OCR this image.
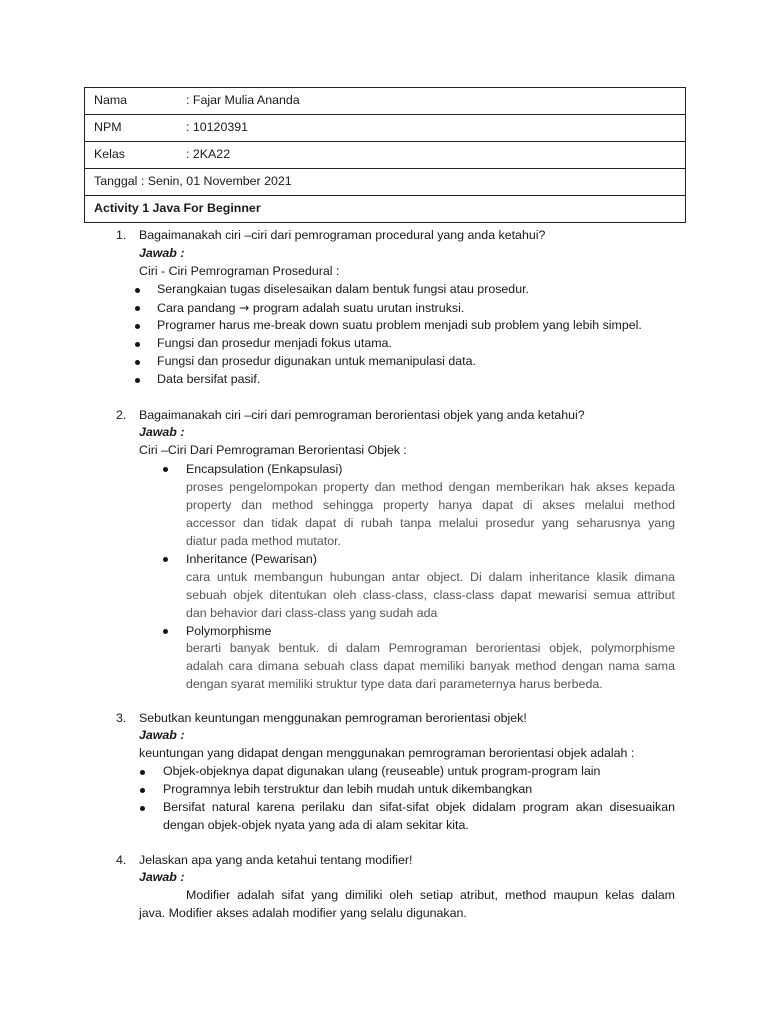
Nama	: Fajar Mulia Ananda
NPM	: 10120391
Kelas	: 2KA22
Tanggal : Senin, 01 November 2021
Activity 1 Java For Beginner
1. Bagaimanakah ciri –ciri dari pemrograman procedural yang anda ketahui?
Jawab :
Ciri - Ciri Pemrograman Prosedural :
Serangkaian tugas diselesaikan dalam bentuk fungsi atau prosedur.
Cara pandang → program adalah suatu urutan instruksi.
Programer harus me-break down suatu problem menjadi sub problem yang lebih simpel.
Fungsi dan prosedur menjadi fokus utama.
Fungsi dan prosedur digunakan untuk memanipulasi data.
Data bersifat pasif.
2. Bagaimanakah ciri –ciri dari pemrograman berorientasi objek yang anda ketahui?
Jawab :
Ciri –Ciri Dari Pemrograman Berorientasi Objek :
Encapsulation (Enkapsulasi)
proses pengelompokan property dan method dengan memberikan hak akses kepada
property dan method sehingga property hanya dapat di akses melalui method
accessor dan tidak dapat di rubah tanpa melalui prosedur yang seharusnya yang
diatur pada method mutator.
Inheritance (Pewarisan)
cara untuk membangun hubungan antar object. Di dalam inheritance klasik dimana
sebuah objek ditentukan oleh class-class, class-class dapat mewarisi semua attribut
dan behavior dari class-class yang sudah ada
Polymorphisme
berarti banyak bentuk. di dalam Pemrograman berorientasi objek, polymorphisme
adalah cara dimana sebuah class dapat memiliki banyak method dengan nama sama
dengan syarat memiliki struktur type data dari parameternya harus berbeda.
3. Sebutkan keuntungan menggunakan pemrograman berorientasi objek!
Jawab :
keuntungan yang didapat dengan menggunakan pemrograman berorientasi objek adalah :
Objek-objeknya dapat digunakan ulang (reuseable) untuk program-program lain
Programnya lebih terstruktur dan lebih mudah untuk dikembangkan
Bersifat natural karena perilaku dan sifat-sifat objek didalam program akan disesuaikan
dengan objek-objek nyata yang ada di alam sekitar kita.
4. Jelaskan apa yang anda ketahui tentang modifier!
Jawab :
Modifier adalah sifat yang dimiliki oleh setiap atribut, method maupun kelas dalam
java. Modifier akses adalah modifier yang selalu digunakan.
